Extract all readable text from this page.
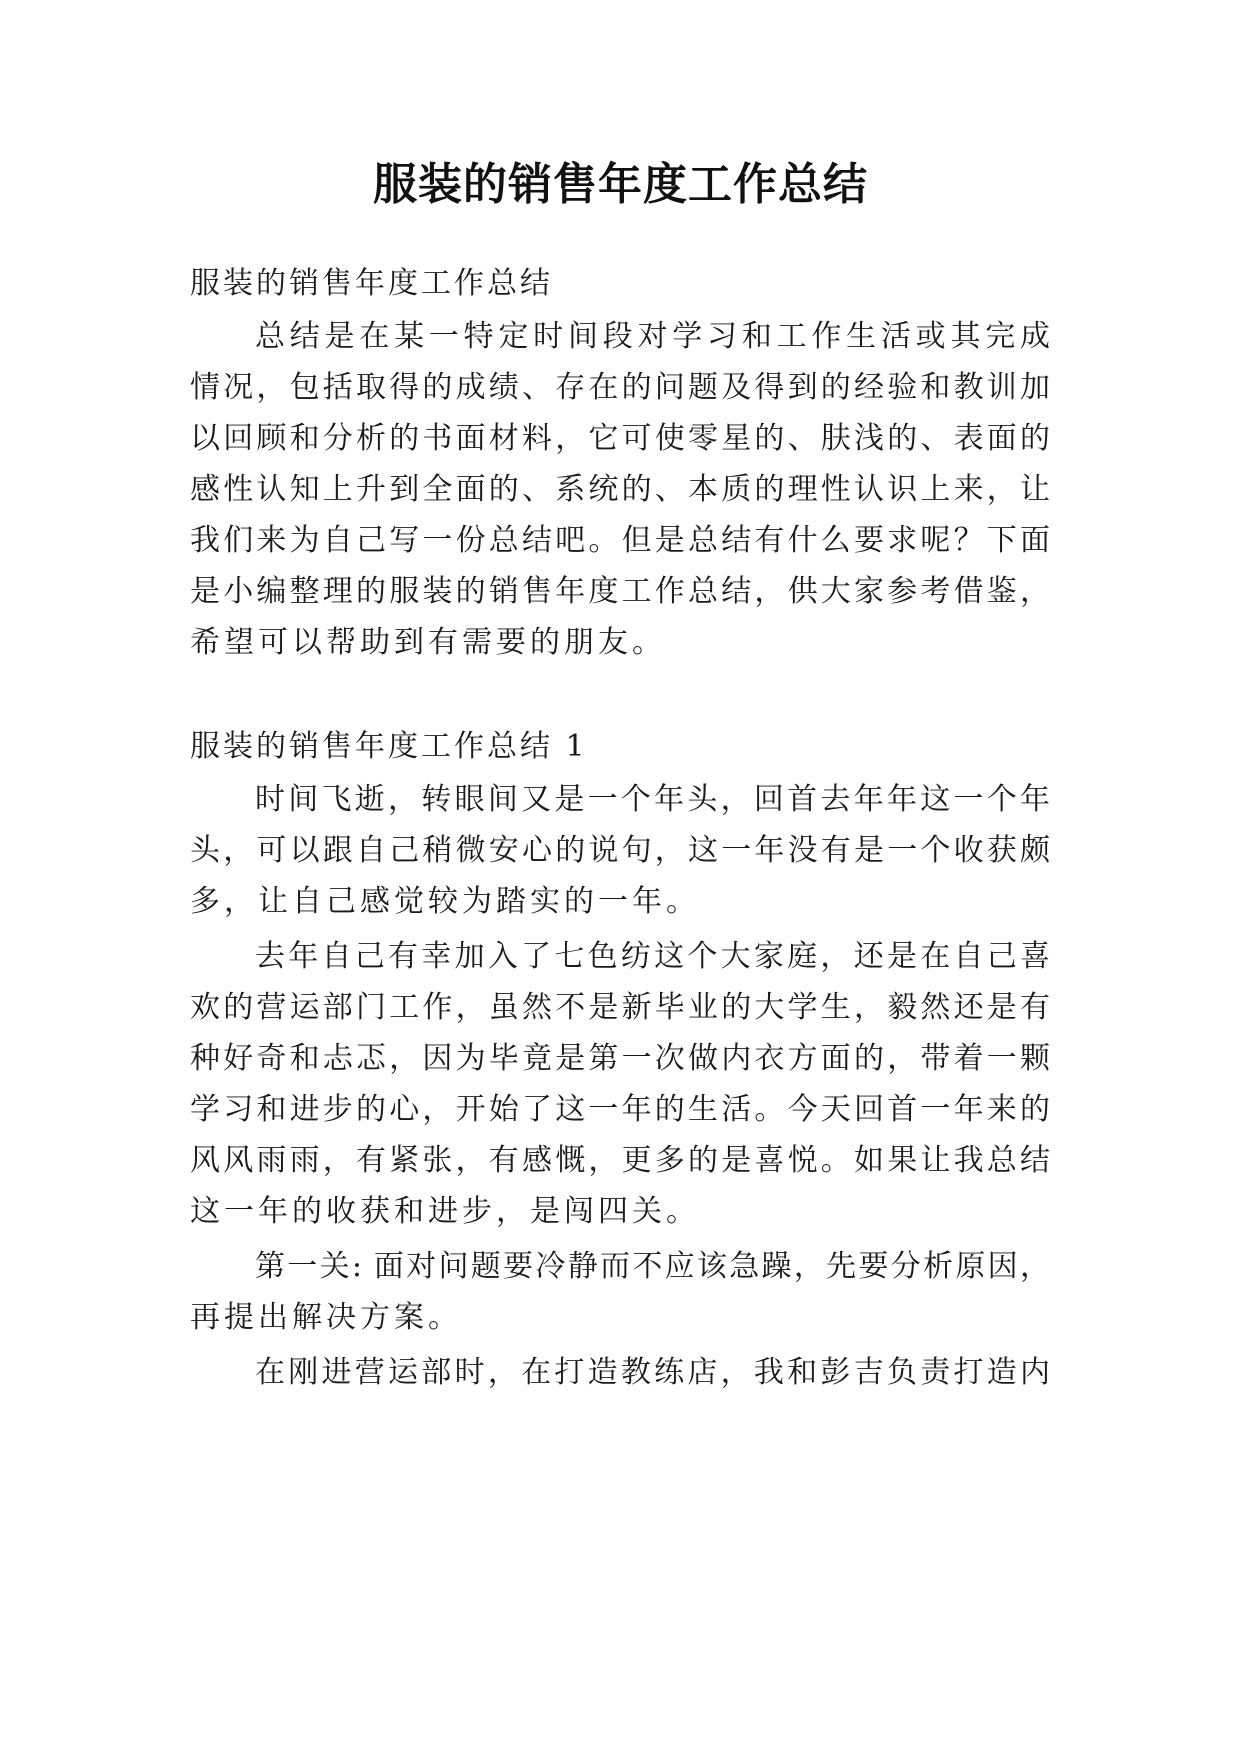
服装的销售年度工作总结
服装的销售年度工作总结
总结是在某一特定时间段对学习和工作生活或其完成
情况，包括取得的成绩、存在的问题及得到的经验和教训加
以回顾和分析的书面材料，它可使零星的、肤浅的、表面的
感性认知上升到全面的、系统的、本质的理性认识上来，让
我们来为自己写一份总结吧。但是总结有什么要求呢？下面
是小编整理的服装的销售年度工作总结，供大家参考借鉴，
希望可以帮助到有需要的朋友。
服装的销售年度工作总结 1
时间飞逝，转眼间又是一个年头，回首去年年这一个年
头，可以跟自己稍微安心的说句，这一年没有是一个收获颇
多，让自己感觉较为踏实的一年。
去年自己有幸加入了七色纺这个大家庭，还是在自己喜
欢的营运部门工作，虽然不是新毕业的大学生，毅然还是有
种好奇和忐忑，因为毕竟是第一次做内衣方面的，带着一颗
学习和进步的心，开始了这一年的生活。今天回首一年来的
风风雨雨，有紧张，有感慨，更多的是喜悦。如果让我总结
这一年的收获和进步，是闯四关。
第一关: 面对问题要冷静而不应该急躁，先要分析原因，
再提出解决方案。
在刚进营运部时，在打造教练店，我和彭吉负责打造内
